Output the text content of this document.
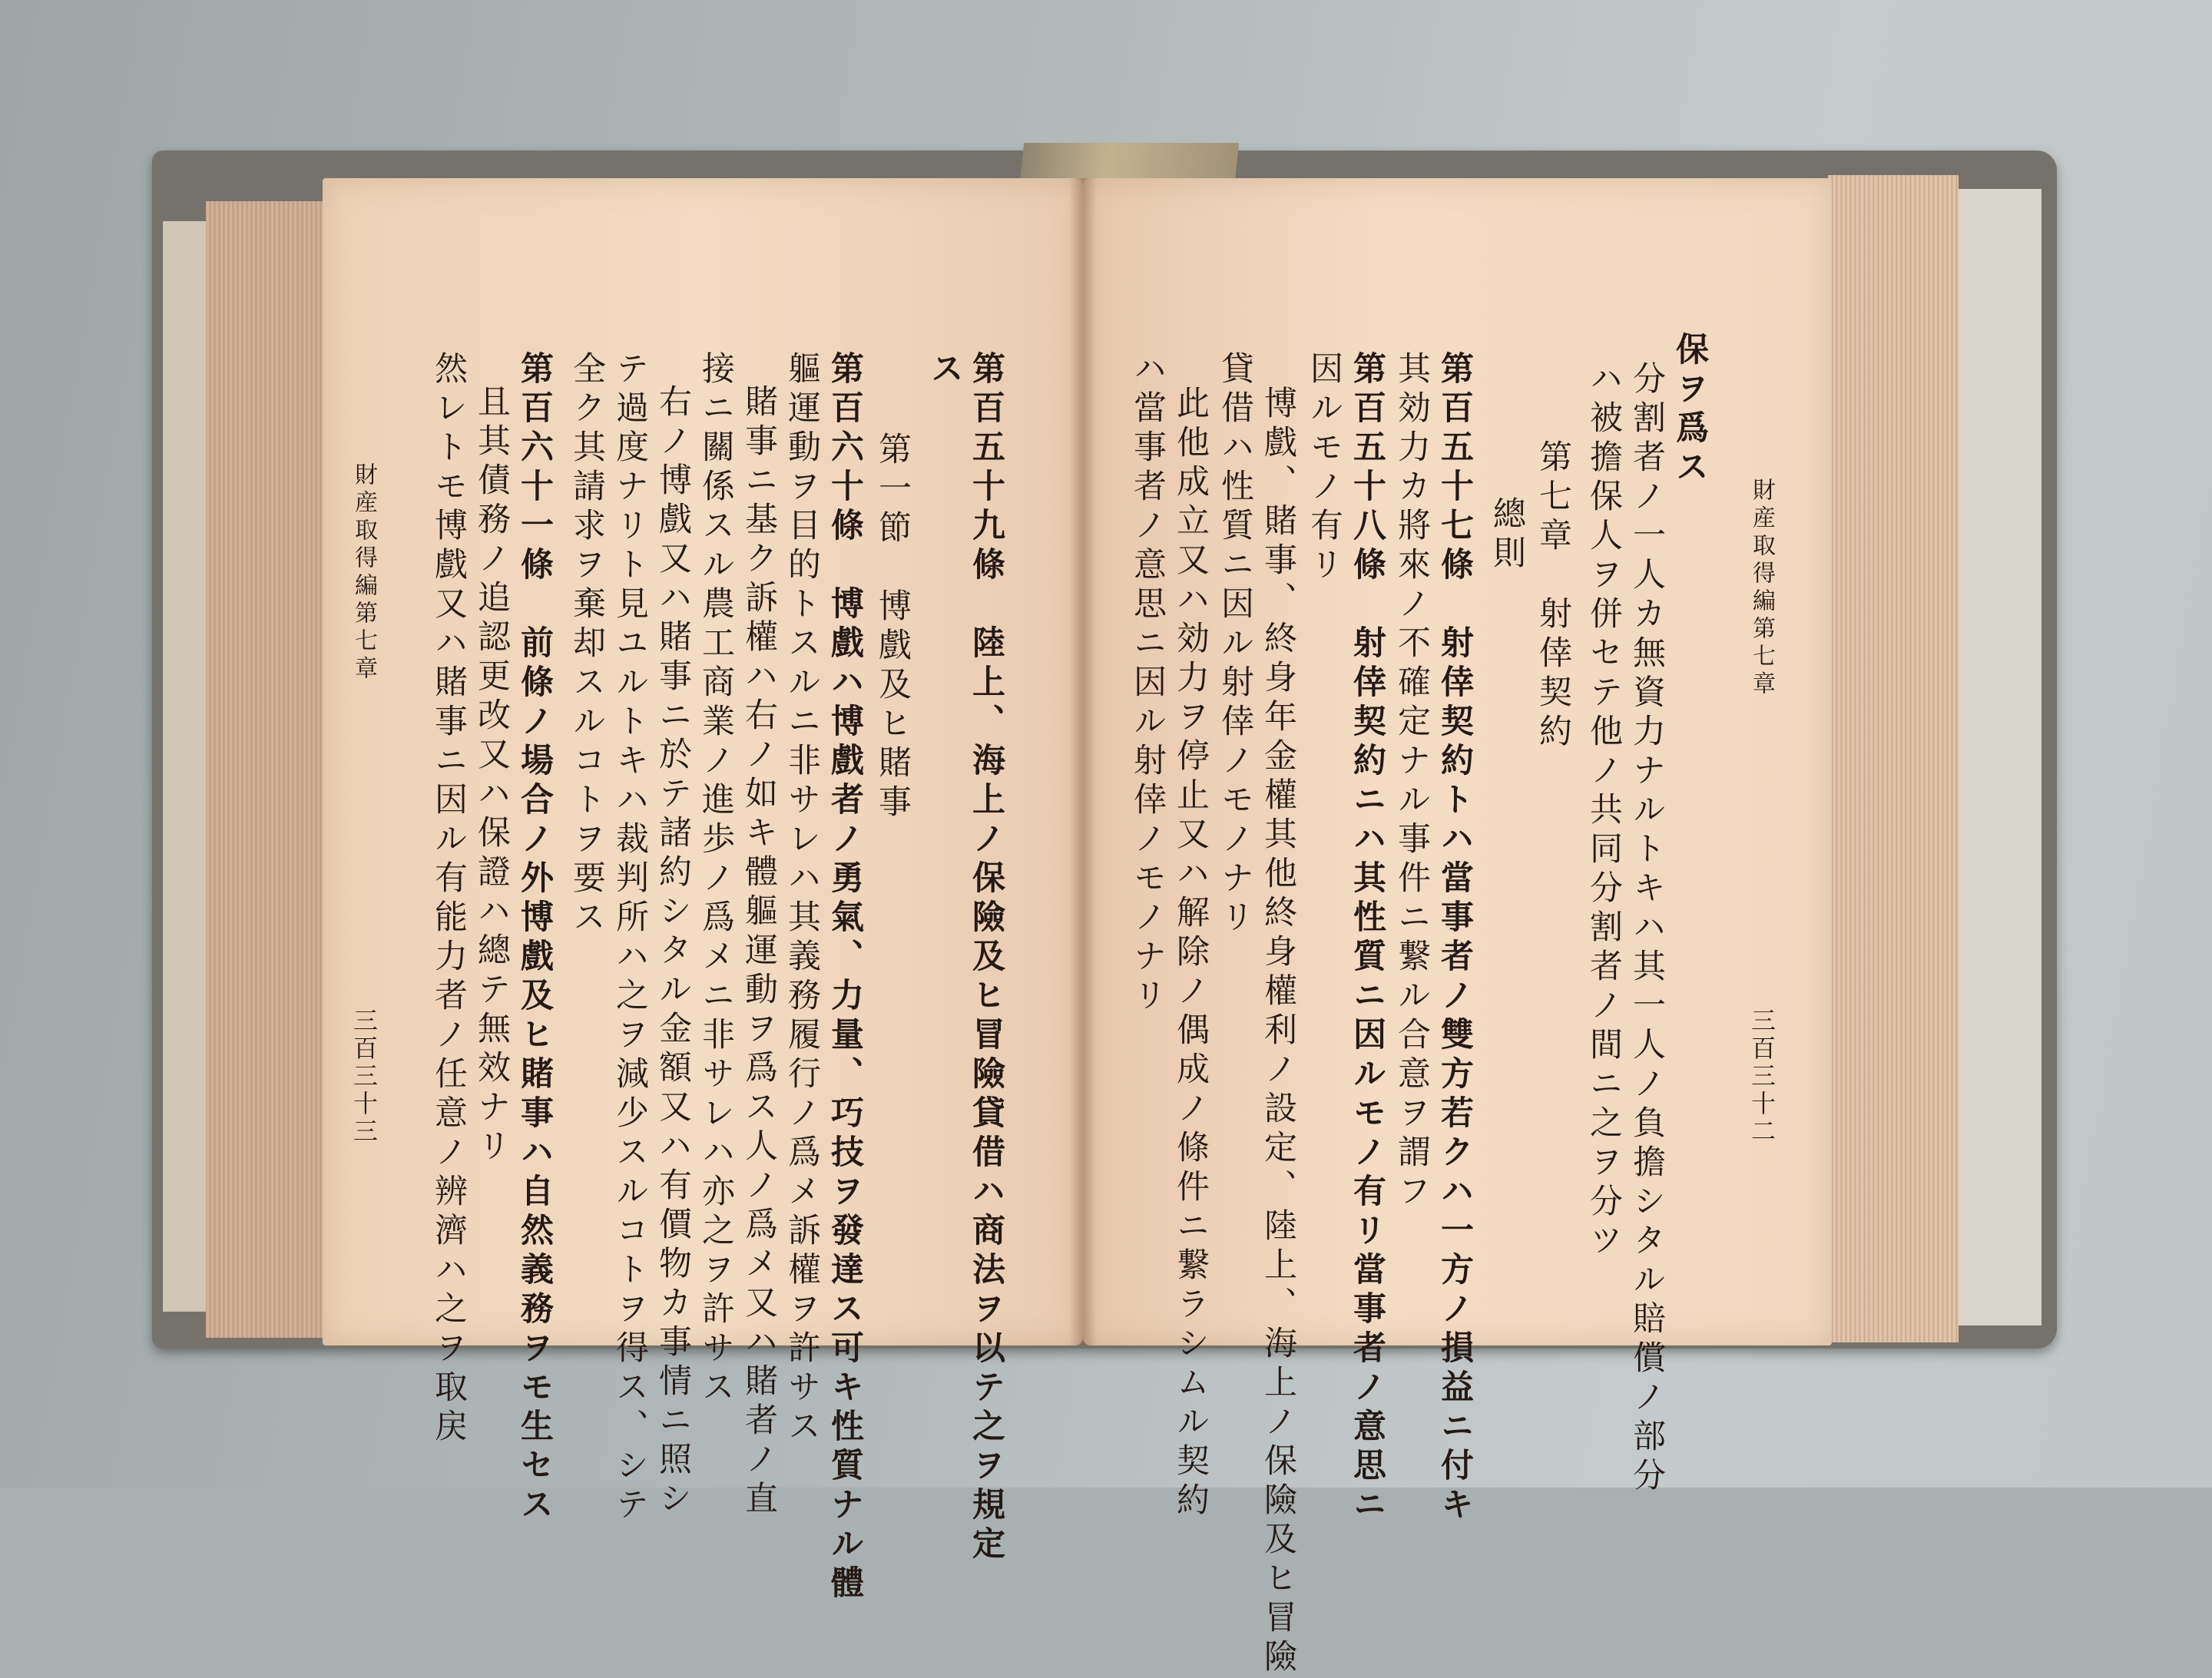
第百五十九條　陸上、海上ノ保險及ヒ冒險貸借ハ商法ヲ以テ之ヲ規定
ス
第一節　博戲及ヒ賭事
第百六十條　博戲ハ博戲者ノ勇氣、力量、巧技ヲ發達ス可キ性質ナル體
軀運動ヲ目的トスルニ非サレハ其義務履行ノ爲メ訴權ヲ許サス
賭事ニ基ク訴權ハ右ノ如キ體軀運動ヲ爲ス人ノ爲メ又ハ賭者ノ直
接ニ關係スル農工商業ノ進歩ノ爲メニ非サレハ亦之ヲ許サス
右ノ博戲又ハ賭事ニ於テ諸約シタル金額又ハ有價物カ事情ニ照シ
テ過度ナリト見ユルトキハ裁判所ハ之ヲ減少スルコトヲ得ス、シテ
全ク其請求ヲ棄却スルコトヲ要ス
第百六十一條　前條ノ場合ノ外博戲及ヒ賭事ハ自然義務ヲモ生セス
且其債務ノ追認更改又ハ保證ハ總テ無效ナリ
然レトモ博戲又ハ賭事ニ因ル有能力者ノ任意ノ辨濟ハ之ヲ取戻
財産取得編第七章
三百三十三
財産取得編第七章
三百三十二
保ヲ爲ス
分割者ノ一人カ無資力ナルトキハ其一人ノ負擔シタル賠償ノ部分
ハ被擔保人ヲ併セテ他ノ共同分割者ノ間ニ之ヲ分ツ
第七章　射倖契約
總則
第百五十七條　射倖契約トハ當事者ノ雙方若クハ一方ノ損益ニ付キ
其効力カ將來ノ不確定ナル事件ニ繋ル合意ヲ謂フ
第百五十八條　射倖契約ニハ其性質ニ因ルモノ有リ當事者ノ意思ニ
因ルモノ有リ
博戲、賭事、終身年金權其他終身權利ノ設定、陸上、海上ノ保險及ヒ冒險
貸借ハ性質ニ因ル射倖ノモノナリ
此他成立又ハ効力ヲ停止又ハ解除ノ偶成ノ條件ニ繋ラシムル契約
ハ當事者ノ意思ニ因ル射倖ノモノナリ
